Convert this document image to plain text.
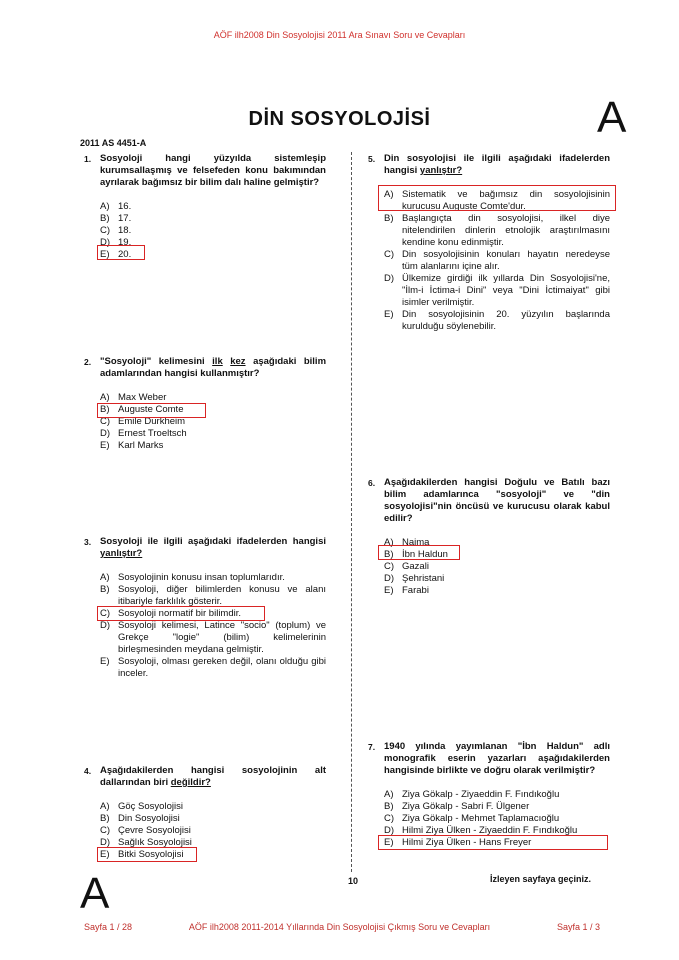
AÖF ilh2008 Din Sosyolojisi 2011 Ara Sınavı Soru ve Cevapları
DİN SOSYOLOJİSİ	A
2011 AS 4451-A
1. Sosyoloji hangi yüzyılda sistemleşip kurumsallaşmış ve felsefeden konu bakımından ayrılarak bağımsız bir bilim dalı haline gelmiştir?
A) 16.
B) 17.
C) 18.
D) 19.
E) 20.
2. "Sosyoloji" kelimesini ilk kez aşağıdaki bilim adamlarından hangisi kullanmıştır?
A) Max Weber
B) Auguste Comte
C) Emile Durkheim
D) Ernest Troeltsch
E) Karl Marks
3. Sosyoloji ile ilgili aşağıdaki ifadelerden hangisi yanlıştır?
A) Sosyolojinin konusu insan toplumlarıdır.
B) Sosyoloji, diğer bilimlerden konusu ve alanı itibariyle farklılık gösterir.
C) Sosyoloji normatif bir bilimdir.
D) Sosyoloji kelimesi, Latince "socio" (toplum) ve Grekçe "logie" (bilim) kelimelerinin birleşmesinden meydana gelmiştir.
E) Sosyoloji, olması gereken değil, olanı olduğu gibi inceler.
4. Aşağıdakilerden hangisi sosyolojinin alt dallarından biri değildir?
A) Göç Sosyolojisi
B) Din Sosyolojisi
C) Çevre Sosyolojisi
D) Sağlık Sosyolojisi
E) Bitki Sosyolojisi
5. Din sosyolojisi ile ilgili aşağıdaki ifadelerden hangisi yanlıştır?
A) Sistematik ve bağımsız din sosyolojisinin kurucusu Auguste Comte'dur.
B) Başlangıçta din sosyolojisi, ilkel diye nitelendirilen dinlerin etnolojik araştırılmasını kendine konu edinmiştir.
C) Din sosyolojisinin konuları hayatın neredeyse tüm alanlarını içine alır.
D) Ülkemize girdiği ilk yıllarda Din Sosyolojisi'ne, "İlm-i İctima-i Dini" veya "Dini İctimaiyat" gibi isimler verilmiştir.
E) Din sosyolojisinin 20. yüzyılın başlarında kurulduğu söylenebilir.
6. Aşağıdakilerden hangisi Doğulu ve Batılı bazı bilim adamlarınca "sosyoloji" ve "din sosyolojisi"nin öncüsü ve kurucusu olarak kabul edilir?
A) Naima
B) İbn Haldun
C) Gazali
D) Şehristani
E) Farabi
7. 1940 yılında yayımlanan "İbn Haldun" adlı monografik eserin yazarları aşağıdakilerden hangisinde birlikte ve doğru olarak verilmiştir?
A) Ziya Gökalp - Ziyaeddin F. Fındıkoğlu
B) Ziya Gökalp - Sabri F. Ülgener
C) Ziya Gökalp - Mehmet Taplamacıoğlu
D) Hilmi Ziya Ülken - Ziyaeddin F. Fındıkoğlu
E) Hilmi Ziya Ülken - Hans Freyer
A	10	İzleyen sayfaya geçiniz.
Sayfa 1 / 28	AÖF ilh2008 2011-2014 Yıllarında Din Sosyolojisi Çıkmış Soru ve Cevapları	Sayfa 1 / 3
